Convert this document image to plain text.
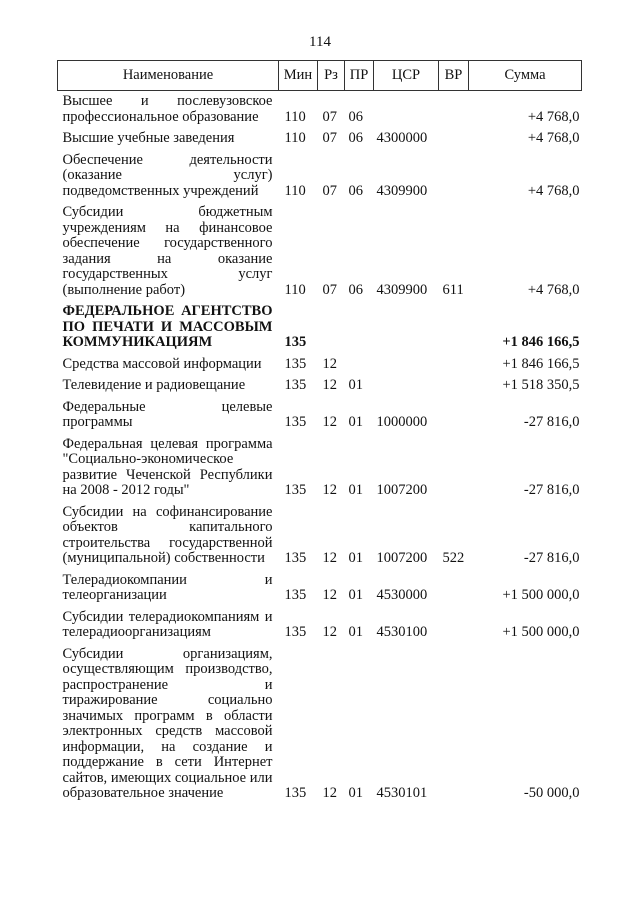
114
Наименование	Мин	Рз	ПР	ЦСР	ВР	Сумма

Высшее и послевузовское профессиональное образование	110	07	06			+4 768,0

Высшие учебные заведения	110	07	06	4300000		+4 768,0

Обеспечение деятельности (оказание услуг) подведомственных учреждений	110	07	06	4309900		+4 768,0

Субсидии бюджетным учреждениям на финансовое обеспечение государственного задания на оказание государственных услуг (выполнение работ)	110	07	06	4309900	611	+4 768,0

ФЕДЕРАЛЬНОЕ АГЕНТСТВО ПО ПЕЧАТИ И МАССОВЫМ КОММУНИКАЦИЯМ	135					+1 846 166,5

Средства массовой информации	135	12				+1 846 166,5

Телевидение и радиовещание	135	12	01			+1 518 350,5

Федеральные целевые программы	135	12	01	1000000		-27 816,0

Федеральная целевая программа "Социально-экономическое развитие Чеченской Республики на 2008 - 2012 годы"	135	12	01	1007200		-27 816,0

Субсидии на софинансирование объектов капитального строительства государственной (муниципальной) собственности	135	12	01	1007200	522	-27 816,0

Телерадиокомпании и телеорганизации	135	12	01	4530000		+1 500 000,0

Субсидии телерадиокомпаниям и телерадиоорганизациям	135	12	01	4530100		+1 500 000,0

Субсидии организациям, осуществляющим производство, распространение и тиражирование социально значимых программ в области электронных средств массовой информации, на создание и поддержание в сети Интернет сайтов, имеющих социальное или образовательное значение	135	12	01	4530101		-50 000,0
